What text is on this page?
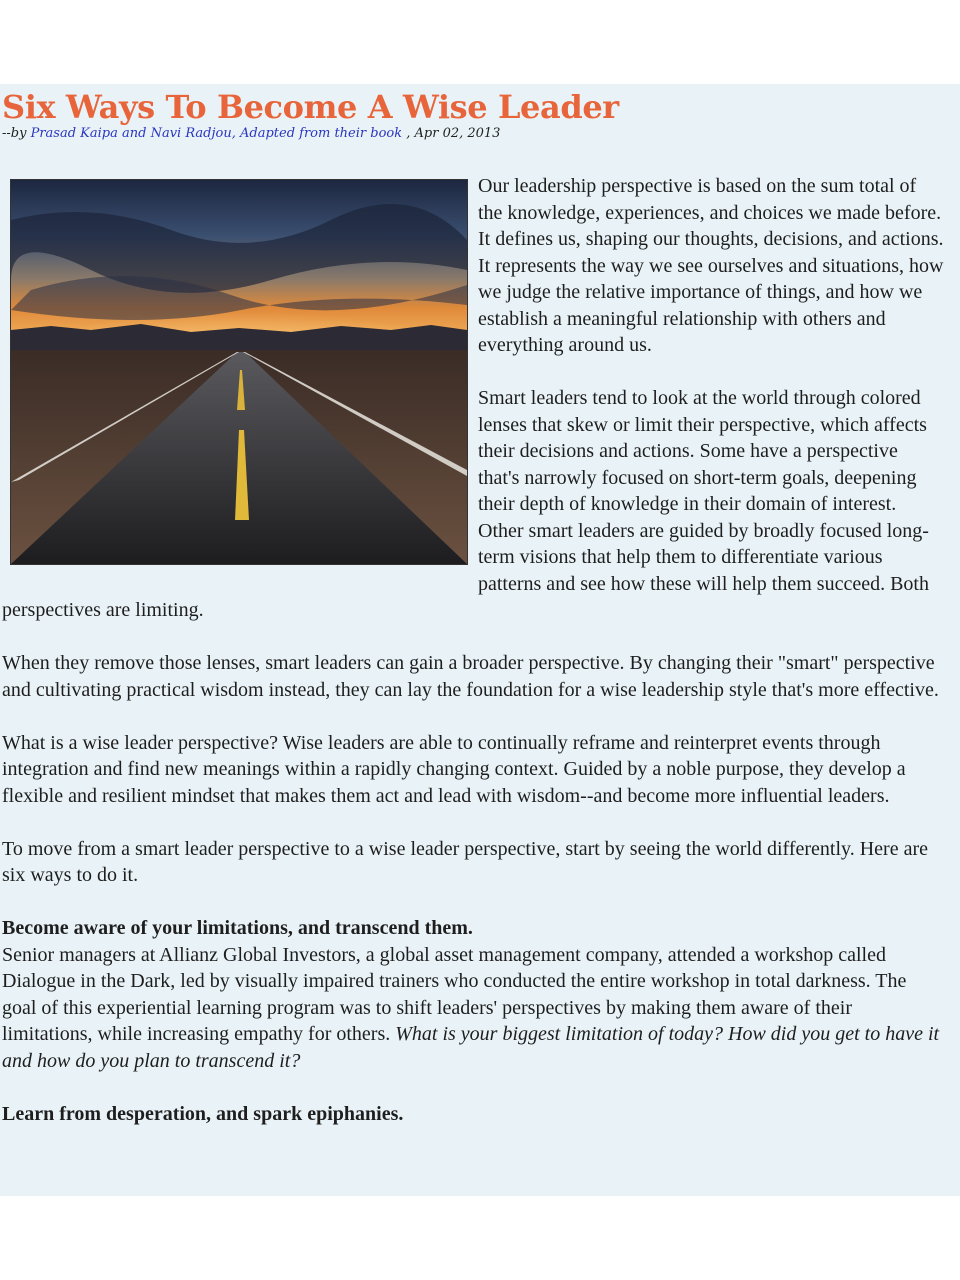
Six Ways To Become A Wise Leader
--by Prasad Kaipa and Navi Radjou, Adapted from their book , Apr 02, 2013

Our leadership perspective is based on the sum total of the knowledge, experiences, and choices we made before. It defines us, shaping our thoughts, decisions, and actions. It represents the way we see ourselves and situations, how we judge the relative importance of things, and how we establish a meaningful relationship with others and everything around us.

Smart leaders tend to look at the world through colored lenses that skew or limit their perspective, which affects their decisions and actions. Some have a perspective that's narrowly focused on short-term goals, deepening their depth of knowledge in their domain of interest. Other smart leaders are guided by broadly focused long-term visions that help them to differentiate various patterns and see how these will help them succeed. Both perspectives are limiting.

When they remove those lenses, smart leaders can gain a broader perspective. By changing their "smart" perspective and cultivating practical wisdom instead, they can lay the foundation for a wise leadership style that's more effective.

What is a wise leader perspective? Wise leaders are able to continually reframe and reinterpret events through integration and find new meanings within a rapidly changing context. Guided by a noble purpose, they develop a flexible and resilient mindset that makes them act and lead with wisdom--and become more influential leaders.

To move from a smart leader perspective to a wise leader perspective, start by seeing the world differently. Here are six ways to do it.

Become aware of your limitations, and transcend them.
Senior managers at Allianz Global Investors, a global asset management company, attended a workshop called Dialogue in the Dark, led by visually impaired trainers who conducted the entire workshop in total darkness. The goal of this experiential learning program was to shift leaders' perspectives by making them aware of their limitations, while increasing empathy for others. What is your biggest limitation of today? How did you get to have it and how do you plan to transcend it?

Learn from desperation, and spark epiphanies.
